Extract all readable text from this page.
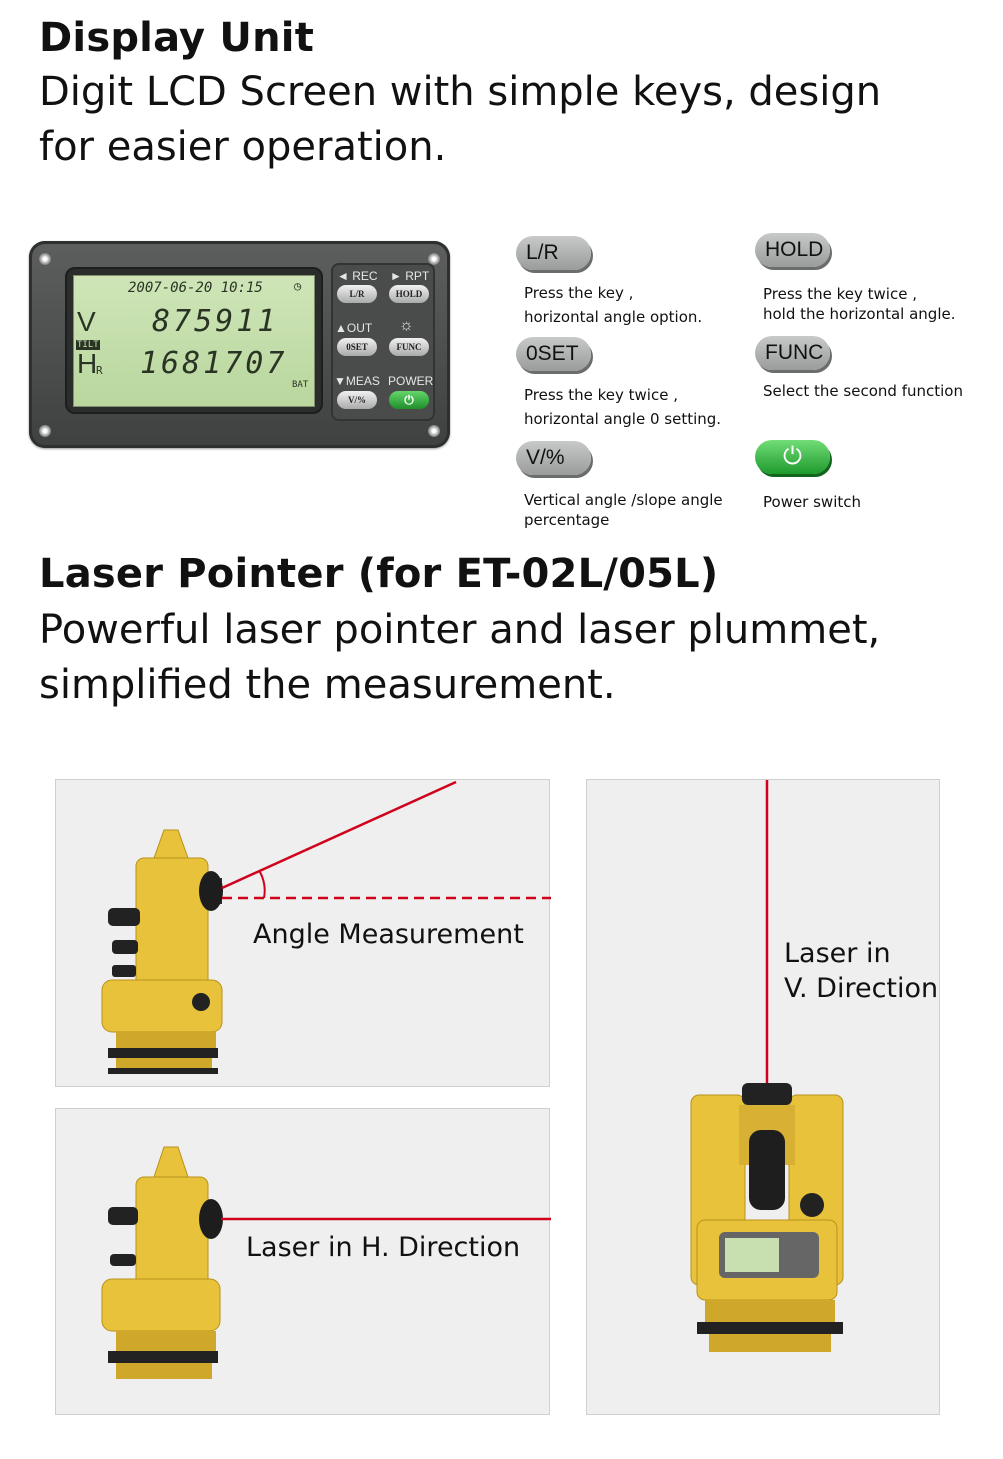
Display Unit
Digit LCD Screen with simple keys, design
for easier operation.
2007-06-20 10:15	◷
V 875911
TILT
H
R 1681707
BAT
◄ REC ► RPT
L/R	HOLD
▲OUT ☼
0SET	FUNC
▼MEAS POWER
V/%	⏻
L/R
Press the key ,
horizontal angle option.
HOLD
Press the key twice ,
hold the horizontal angle.
0SET
Press the key twice ,
horizontal angle 0 setting.
FUNC
Select the second function
V/%
Vertical angle /slope angle
percentage
⏻
Power switch
Laser Pointer (for ET-02L/05L)
Powerful laser pointer and laser plummet,
simplified the measurement.
Angle Measurement
Laser in H. Direction
Laser in
V. Direction
